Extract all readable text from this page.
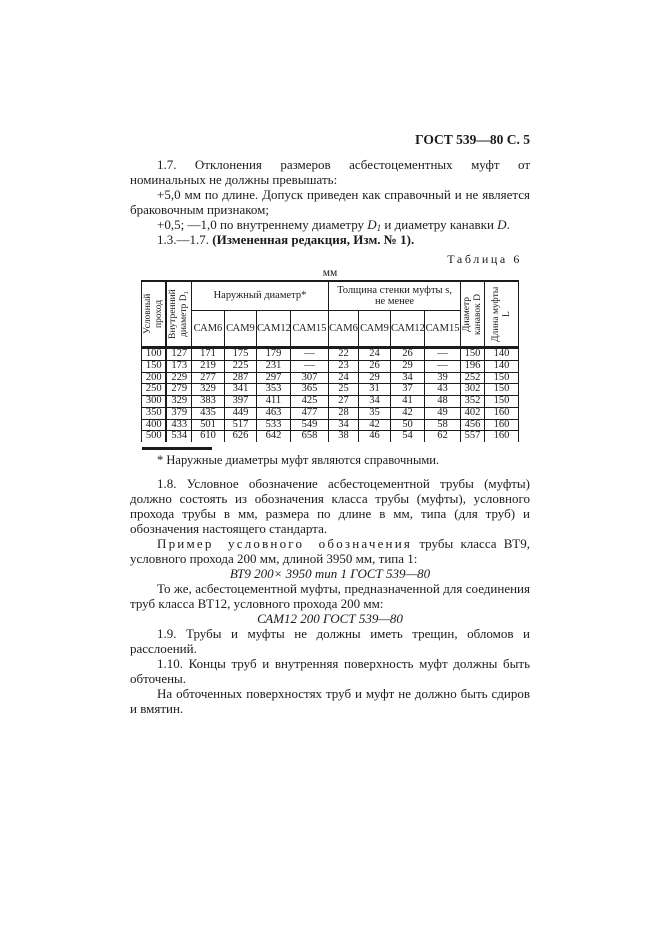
ГОСТ 539—80 С. 5

1.7. Отклонения размеров асбестоцементных муфт от номинальных не должны превышать:

+5,0 мм по длине. Допуск приведен как справочный и не является браковочным признаком;

+0,5; —1,0 по внутреннему диаметру $D_1$ и диаметру канавки D.

1.3.—1.7. (Измененная редакция, Изм. № 1).

Таблица 6
мм
Условный проход	Внутренний диаметр D₁	Наружный диаметр*				Толщина стенки муфты s, не менее				Диаметр канавок D	Длина муфты L

		САМ6	САМ9	САМ12	САМ15	САМ6	САМ9	САМ12	САМ15		
100	127	171	175	179	—	22	24	26	—	150	140
150	173	219	225	231	—	23	26	29	—	196	140
200	229	277	287	297	307	24	29	34	39	252	150
250	279	329	341	353	365	25	31	37	43	302	150
300	329	383	397	411	425	27	34	41	48	352	150
350	379	435	449	463	477	28	35	42	49	402	160
400	433	501	517	533	549	34	42	50	58	456	160
500	534	610	626	642	658	38	46	54	62	557	160
* Наружные диаметры муфт являются справочными.

1.8. Условное обозначение асбестоцементной трубы (муфты) должно состоять из обозначения класса трубы (муфты), условного прохода трубы в мм, размера по длине в мм, типа (для труб) и обозначения настоящего стандарта.

Пример условного обозначения трубы класса ВТ9, условного прохода 200 мм, длиной 3950 мм, типа 1:

ВТ9 200× 3950 тип 1 ГОСТ 539—80

То же, асбестоцементной муфты, предназначенной для соединения труб класса ВТ12, условного прохода 200 мм:

САМ12 200 ГОСТ 539—80

1.9. Трубы и муфты не должны иметь трещин, обломов и расслоений.

1.10. Концы труб и внутренняя поверхность муфт должны быть обточены.

На обточенных поверхностях труб и муфт не должно быть сдиров и вмятин.
